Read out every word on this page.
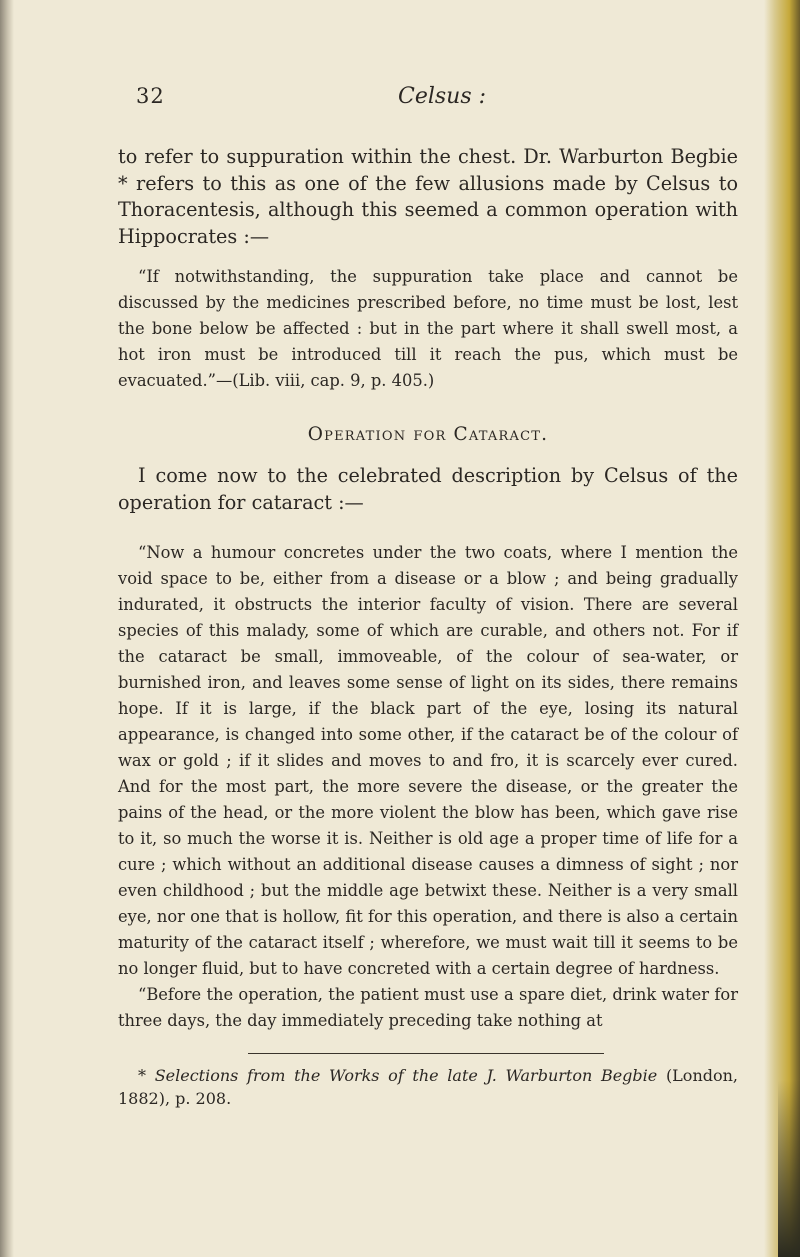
32	Celsus :

to refer to suppuration within the chest. Dr. Warburton Begbie * refers to this as one of the few allusions made by Celsus to Thoracentesis, although this seemed a common operation with Hippocrates :—

“If notwithstanding, the suppuration take place and cannot be discussed by the medicines prescribed before, no time must be lost, lest the bone below be affected : but in the part where it shall swell most, a hot iron must be introduced till it reach the pus, which must be evacuated.”—(Lib. viii, cap. 9, p. 405.)

Operation for Cataract.

I come now to the celebrated description by Celsus of the operation for cataract :—

“Now a humour concretes under the two coats, where I mention the void space to be, either from a disease or a blow ; and being gradually indurated, it obstructs the interior faculty of vision. There are several species of this malady, some of which are curable, and others not. For if the cataract be small, immoveable, of the colour of sea-water, or burnished iron, and leaves some sense of light on its sides, there remains hope. If it is large, if the black part of the eye, losing its natural appearance, is changed into some other, if the cataract be of the colour of wax or gold ; if it slides and moves to and fro, it is scarcely ever cured. And for the most part, the more severe the disease, or the greater the pains of the head, or the more violent the blow has been, which gave rise to it, so much the worse it is. Neither is old age a proper time of life for a cure ; which without an additional disease causes a dimness of sight ; nor even childhood ; but the middle age betwixt these. Neither is a very small eye, nor one that is hollow, fit for this operation, and there is also a certain maturity of the cataract itself ; wherefore, we must wait till it seems to be no longer fluid, but to have concreted with a certain degree of hardness.

“Before the operation, the patient must use a spare diet, drink water for three days, the day immediately preceding take nothing at

* Selections from the Works of the late J. Warburton Begbie (London, 1882), p. 208.
